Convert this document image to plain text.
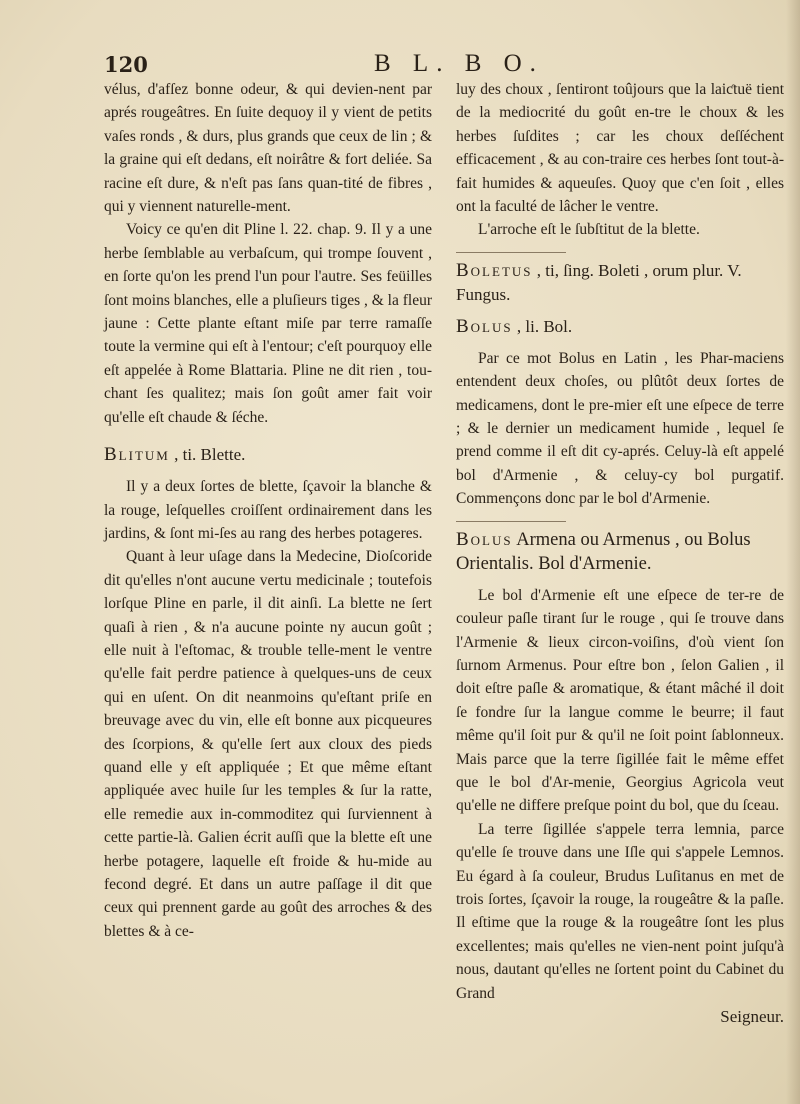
120	B L. B O.

vélus, d'afſez bonne odeur, & qui devien-nent par aprés rougeâtres. En ſuite dequoy il y vient de petits vaſes ronds , & durs, plus grands que ceux de lin ; & la graine qui eſt dedans, eſt noirâtre & fort deliée. Sa racine eſt dure, & n'eſt pas ſans quan-tité de fibres , qui y viennent naturelle-ment.

Voicy ce qu'en dit Pline l. 22. chap. 9. Il y a une herbe ſemblable au verbaſcum, qui trompe ſouvent , en ſorte qu'on les prend l'un pour l'autre. Ses feüilles ſont moins blanches, elle a pluſieurs tiges , & la fleur jaune : Cette plante eſtant miſe par terre ramaſſe toute la vermine qui eſt à l'entour; c'eſt pourquoy elle eſt appelée à Rome Blattaria. Pline ne dit rien , tou-chant ſes qualitez; mais ſon goût amer fait voir qu'elle eſt chaude & ſéche.

Blitum , ti. Blette.

Il y a deux ſortes de blette, ſçavoir la blanche & la rouge, leſquelles croiſſent ordinairement dans les jardins, & ſont mi-ſes au rang des herbes potageres.

Quant à leur uſage dans la Medecine, Dioſcoride dit qu'elles n'ont aucune vertu medicinale ; toutefois lorſque Pline en parle, il dit ainſi. La blette ne ſert quaſi à rien , & n'a aucune pointe ny aucun goût ; elle nuit à l'eſtomac, & trouble telle-ment le ventre qu'elle fait perdre patience à quelques-uns de ceux qui en uſent. On dit neanmoins qu'eſtant priſe en breuvage avec du vin, elle eſt bonne aux picqueures des ſcorpions, & qu'elle ſert aux cloux des pieds quand elle y eſt appliquée ; Et que même eſtant appliquée avec huile ſur les temples & ſur la ratte, elle remedie aux in-commoditez qui ſurviennent à cette partie-là. Galien écrit auſſi que la blette eſt une herbe potagere, laquelle eſt froide & hu-mide au fecond degré. Et dans un autre paſſage il dit que ceux qui prennent garde au goût des arroches & des blettes & à ce-

luy des choux , ſentiront toûjours que la laiƈtuë tient de la mediocrité du goût en-tre le choux & les herbes ſuſdites ; car les choux deſſéchent efficacement , & au con-traire ces herbes ſont tout-à-fait humides & aqueuſes. Quoy que c'en ſoit , elles ont la faculté de lâcher le ventre.

L'arroche eſt le ſubſtitut de la blette.

Boletus , ti, ſing. Boleti , orum plur. V. Fungus.
Bolus , li. Bol.

Par ce mot Bolus en Latin , les Phar-maciens entendent deux choſes, ou plûtôt deux ſortes de medicamens, dont le pre-mier eſt une eſpece de terre ; & le dernier un medicament humide , lequel ſe prend comme il eſt dit cy-aprés. Celuy-là eſt appelé bol d'Armenie , & celuy-cy bol purgatif. Commençons donc par le bol d'Armenie.

Bolus Armena ou Armenus , ou Bolus Orientalis. Bol d'Armenie.

Le bol d'Armenie eſt une eſpece de ter-re de couleur paſle tirant ſur le rouge , qui ſe trouve dans l'Armenie & lieux circon-voiſins, d'où vient ſon ſurnom Armenus. Pour eſtre bon , ſelon Galien , il doit eſtre paſle & aromatique, & étant mâché il doit ſe fondre ſur la langue comme le beurre; il faut même qu'il ſoit pur & qu'il ne ſoit point ſablonneux. Mais parce que la terre ſigillée fait le même effet que le bol d'Ar-menie, Georgius Agricola veut qu'elle ne differe preſque point du bol, que du ſceau.

La terre ſigillée s'appele terra lemnia, parce qu'elle ſe trouve dans une Iſle qui s'appele Lemnos. Eu égard à ſa couleur, Brudus Luſitanus en met de trois ſortes, ſçavoir la rouge, la rougeâtre & la paſle. Il eſtime que la rouge & la rougeâtre ſont les plus excellentes; mais qu'elles ne vien-nent point juſqu'à nous, dautant qu'elles ne ſortent point du Cabinet du Grand

Seigneur.
